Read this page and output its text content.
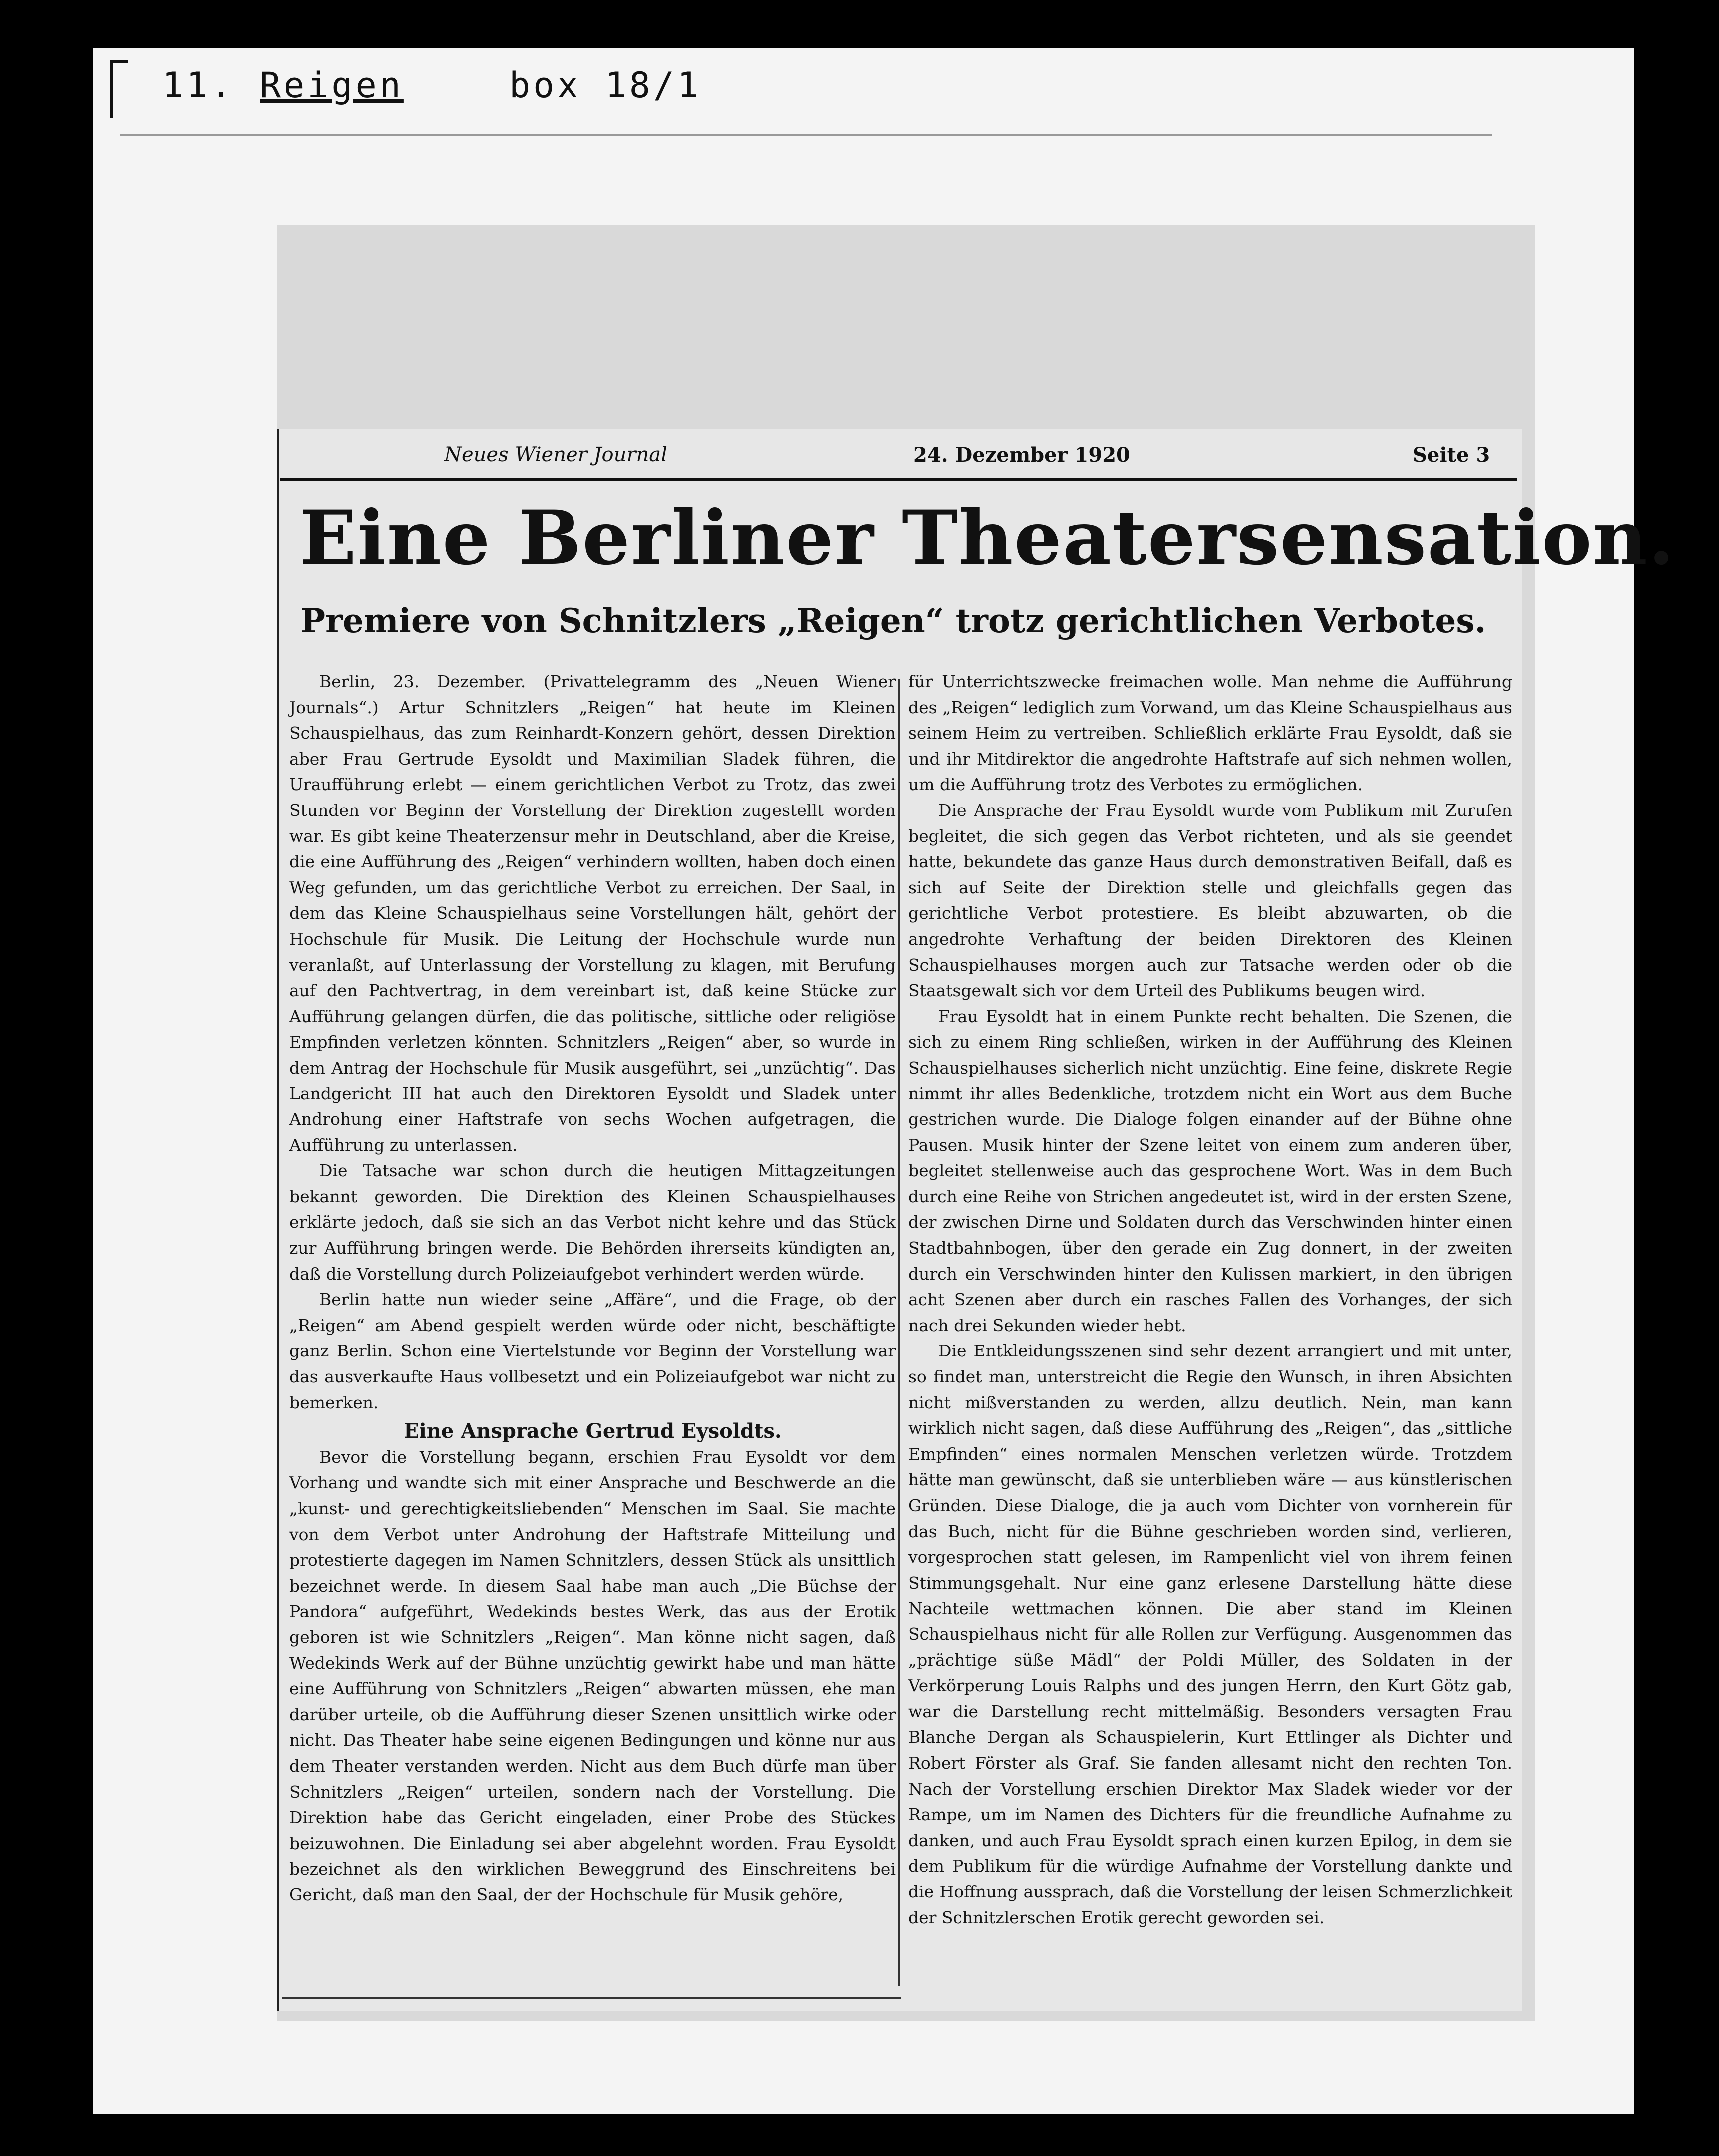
11. Reigen	box 18/1
Neues Wiener Journal	24. Dezember 1920	Seite 3
Eine Berliner Theatersensation.
Premiere von Schnitzlers „Reigen“ trotz gerichtlichen Verbotes.

Berlin, 23. Dezember. (Privattelegramm des „Neuen Wiener Journals“.) Artur Schnitzlers „Reigen“ hat heute im Kleinen Schauspielhaus, das zum Reinhardt-Konzern gehört, dessen Direktion aber Frau Gertrude Eysoldt und Maximilian Sladek führen, die Uraufführung erlebt — einem gerichtlichen Verbot zu Trotz, das zwei Stunden vor Beginn der Vorstellung der Direktion zugestellt worden war. Es gibt keine Theaterzensur mehr in Deutschland, aber die Kreise, die eine Aufführung des „Reigen“ verhindern wollten, haben doch einen Weg gefunden, um das gerichtliche Verbot zu erreichen. Der Saal, in dem das Kleine Schauspielhaus seine Vorstellungen hält, gehört der Hochschule für Musik. Die Leitung der Hochschule wurde nun veranlaßt, auf Unterlassung der Vorstellung zu klagen, mit Berufung auf den Pachtvertrag, in dem vereinbart ist, daß keine Stücke zur Aufführung gelangen dürfen, die das politische, sittliche oder religiöse Empfinden verletzen könnten. Schnitzlers „Reigen“ aber, so wurde in dem Antrag der Hochschule für Musik ausgeführt, sei „unzüchtig“. Das Landgericht III hat auch den Direktoren Eysoldt und Sladek unter Androhung einer Haftstrafe von sechs Wochen aufgetragen, die Aufführung zu unterlassen.

Die Tatsache war schon durch die heutigen Mittagzeitungen bekannt geworden. Die Direktion des Kleinen Schauspielhauses erklärte jedoch, daß sie sich an das Verbot nicht kehre und das Stück zur Aufführung bringen werde. Die Behörden ihrerseits kündigten an, daß die Vorstellung durch Polizeiaufgebot verhindert werden würde.

Berlin hatte nun wieder seine „Affäre“, und die Frage, ob der „Reigen“ am Abend gespielt werden würde oder nicht, beschäftigte ganz Berlin. Schon eine Viertelstunde vor Beginn der Vorstellung war das ausverkaufte Haus vollbesetzt und ein Polizeiaufgebot war nicht zu bemerken.

Eine Ansprache Gertrud Eysoldts.

Bevor die Vorstellung begann, erschien Frau Eysoldt vor dem Vorhang und wandte sich mit einer Ansprache und Beschwerde an die „kunst- und gerechtigkeitsliebenden“ Menschen im Saal. Sie machte von dem Verbot unter Androhung der Haftstrafe Mitteilung und protestierte dagegen im Namen Schnitzlers, dessen Stück als unsittlich bezeichnet werde. In diesem Saal habe man auch „Die Büchse der Pandora“ aufgeführt, Wedekinds bestes Werk, das aus der Erotik geboren ist wie Schnitzlers „Reigen“. Man könne nicht sagen, daß Wedekinds Werk auf der Bühne unzüchtig gewirkt habe und man hätte eine Aufführung von Schnitzlers „Reigen“ abwarten müssen, ehe man darüber urteile, ob die Aufführung dieser Szenen unsittlich wirke oder nicht. Das Theater habe seine eigenen Bedingungen und könne nur aus dem Theater verstanden werden. Nicht aus dem Buch dürfe man über Schnitzlers „Reigen“ urteilen, sondern nach der Vorstellung. Die Direktion habe das Gericht eingeladen, einer Probe des Stückes beizuwohnen. Die Einladung sei aber abgelehnt worden. Frau Eysoldt bezeichnet als den wirklichen Beweggrund des Einschreitens bei Gericht, daß man den Saal, der der Hochschule für Musik gehöre,

für Unterrichtszwecke freimachen wolle. Man nehme die Aufführung des „Reigen“ lediglich zum Vorwand, um das Kleine Schauspielhaus aus seinem Heim zu vertreiben. Schließlich erklärte Frau Eysoldt, daß sie und ihr Mitdirektor die angedrohte Haftstrafe auf sich nehmen wollen, um die Aufführung trotz des Verbotes zu ermöglichen.

Die Ansprache der Frau Eysoldt wurde vom Publikum mit Zurufen begleitet, die sich gegen das Verbot richteten, und als sie geendet hatte, bekundete das ganze Haus durch demonstrativen Beifall, daß es sich auf Seite der Direktion stelle und gleichfalls gegen das gerichtliche Verbot protestiere. Es bleibt abzuwarten, ob die angedrohte Verhaftung der beiden Direktoren des Kleinen Schauspielhauses morgen auch zur Tatsache werden oder ob die Staatsgewalt sich vor dem Urteil des Publikums beugen wird.

Frau Eysoldt hat in einem Punkte recht behalten. Die Szenen, die sich zu einem Ring schließen, wirken in der Aufführung des Kleinen Schauspielhauses sicherlich nicht unzüchtig. Eine feine, diskrete Regie nimmt ihr alles Bedenkliche, trotzdem nicht ein Wort aus dem Buche gestrichen wurde. Die Dialoge folgen einander auf der Bühne ohne Pausen. Musik hinter der Szene leitet von einem zum anderen über, begleitet stellenweise auch das gesprochene Wort. Was in dem Buch durch eine Reihe von Strichen angedeutet ist, wird in der ersten Szene, der zwischen Dirne und Soldaten durch das Verschwinden hinter einen Stadtbahnbogen, über den gerade ein Zug donnert, in der zweiten durch ein Verschwinden hinter den Kulissen markiert, in den übrigen acht Szenen aber durch ein rasches Fallen des Vorhanges, der sich nach drei Sekunden wieder hebt.

Die Entkleidungsszenen sind sehr dezent arrangiert und mit unter, so findet man, unterstreicht die Regie den Wunsch, in ihren Absichten nicht mißverstanden zu werden, allzu deutlich. Nein, man kann wirklich nicht sagen, daß diese Aufführung des „Reigen“, das „sittliche Empfinden“ eines normalen Menschen verletzen würde. Trotzdem hätte man gewünscht, daß sie unterblieben wäre — aus künstlerischen Gründen. Diese Dialoge, die ja auch vom Dichter von vornherein für das Buch, nicht für die Bühne geschrieben worden sind, verlieren, vorgesprochen statt gelesen, im Rampenlicht viel von ihrem feinen Stimmungsgehalt. Nur eine ganz erlesene Darstellung hätte diese Nachteile wettmachen können. Die aber stand im Kleinen Schauspielhaus nicht für alle Rollen zur Verfügung. Ausgenommen das „prächtige süße Mädl“ der Poldi Müller, des Soldaten in der Verkörperung Louis Ralphs und des jungen Herrn, den Kurt Götz gab, war die Darstellung recht mittelmäßig. Besonders versagten Frau Blanche Dergan als Schauspielerin, Kurt Ettlinger als Dichter und Robert Förster als Graf. Sie fanden allesamt nicht den rechten Ton. Nach der Vorstellung erschien Direktor Max Sladek wieder vor der Rampe, um im Namen des Dichters für die freundliche Aufnahme zu danken, und auch Frau Eysoldt sprach einen kurzen Epilog, in dem sie dem Publikum für die würdige Aufnahme der Vorstellung dankte und die Hoffnung aussprach, daß die Vorstellung der leisen Schmerzlichkeit der Schnitzlerschen Erotik gerecht geworden sei.
